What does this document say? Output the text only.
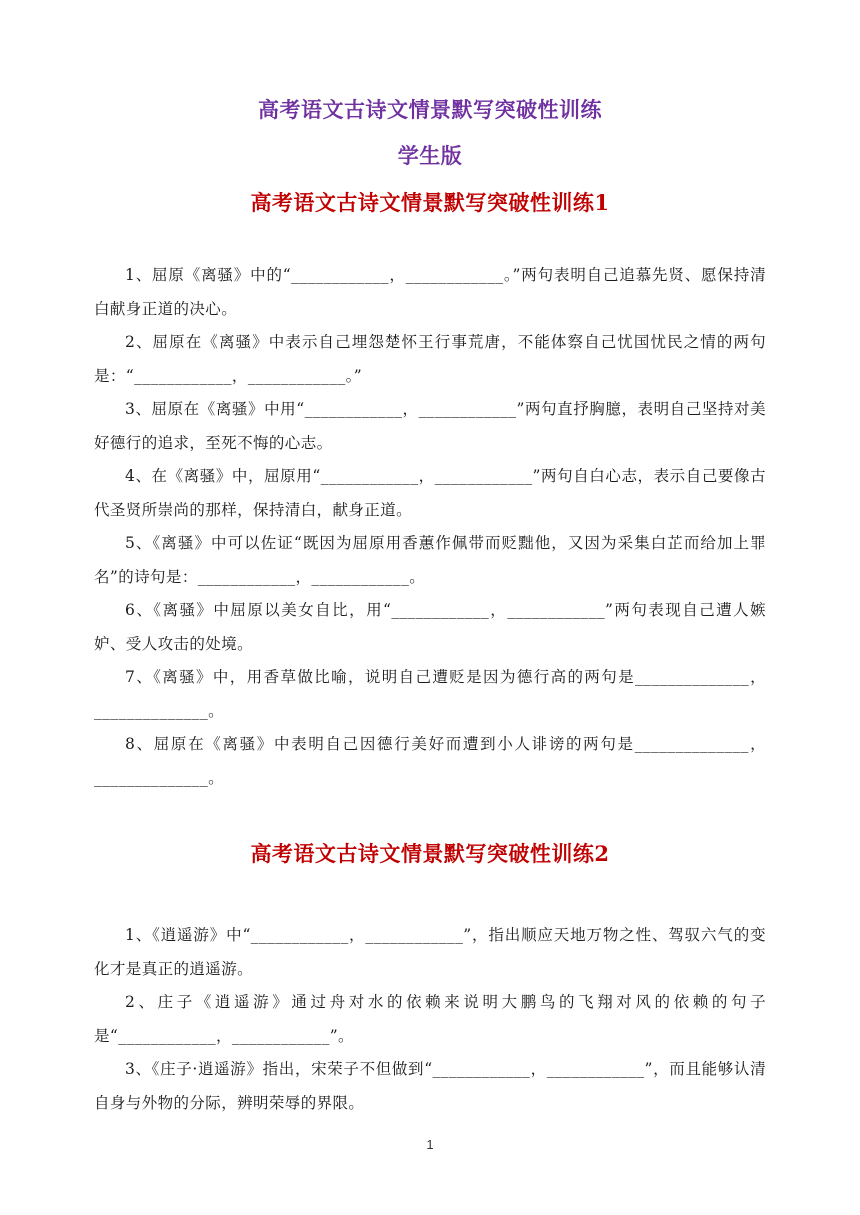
高考语文古诗文情景默写突破性训练
学生版
高考语文古诗文情景默写突破性训练1
1、屈原《离骚》中的“____________，____________。”两句表明自己追慕先贤、愿保持清白献身正道的决心。
2、屈原在《离骚》中表示自己埋怨楚怀王行事荒唐，不能体察自己忧国忧民之情的两句是：“____________，____________。”
3、屈原在《离骚》中用“____________，____________”两句直抒胸臆，表明自己坚持对美好德行的追求，至死不悔的心志。
4、在《离骚》中，屈原用“____________，____________”两句自白心志，表示自己要像古代圣贤所崇尚的那样，保持清白，献身正道。
5、《离骚》中可以佐证“既因为屈原用香蕙作佩带而贬黜他，又因为采集白芷而给加上罪名”的诗句是：____________，____________。
6、《离骚》中屈原以美女自比，用“____________，____________”两句表现自己遭人嫉妒、受人攻击的处境。
7、《离骚》中，用香草做比喻，说明自己遭贬是因为德行高的两句是______________，______________。
8、屈原在《离骚》中表明自己因德行美好而遭到小人诽谤的两句是______________，______________。
高考语文古诗文情景默写突破性训练2
1、《逍遥游》中“____________，____________”，指出顺应天地万物之性、驾驭六气的变化才是真正的逍遥游。
2、庄子《逍遥游》通过舟对水的依赖来说明大鹏鸟的飞翔对风的依赖的句子是“____________，____________”。
3、《庄子·逍遥游》指出，宋荣子不但做到“____________，____________”，而且能够认清自身与外物的分际，辨明荣辱的界限。
1
